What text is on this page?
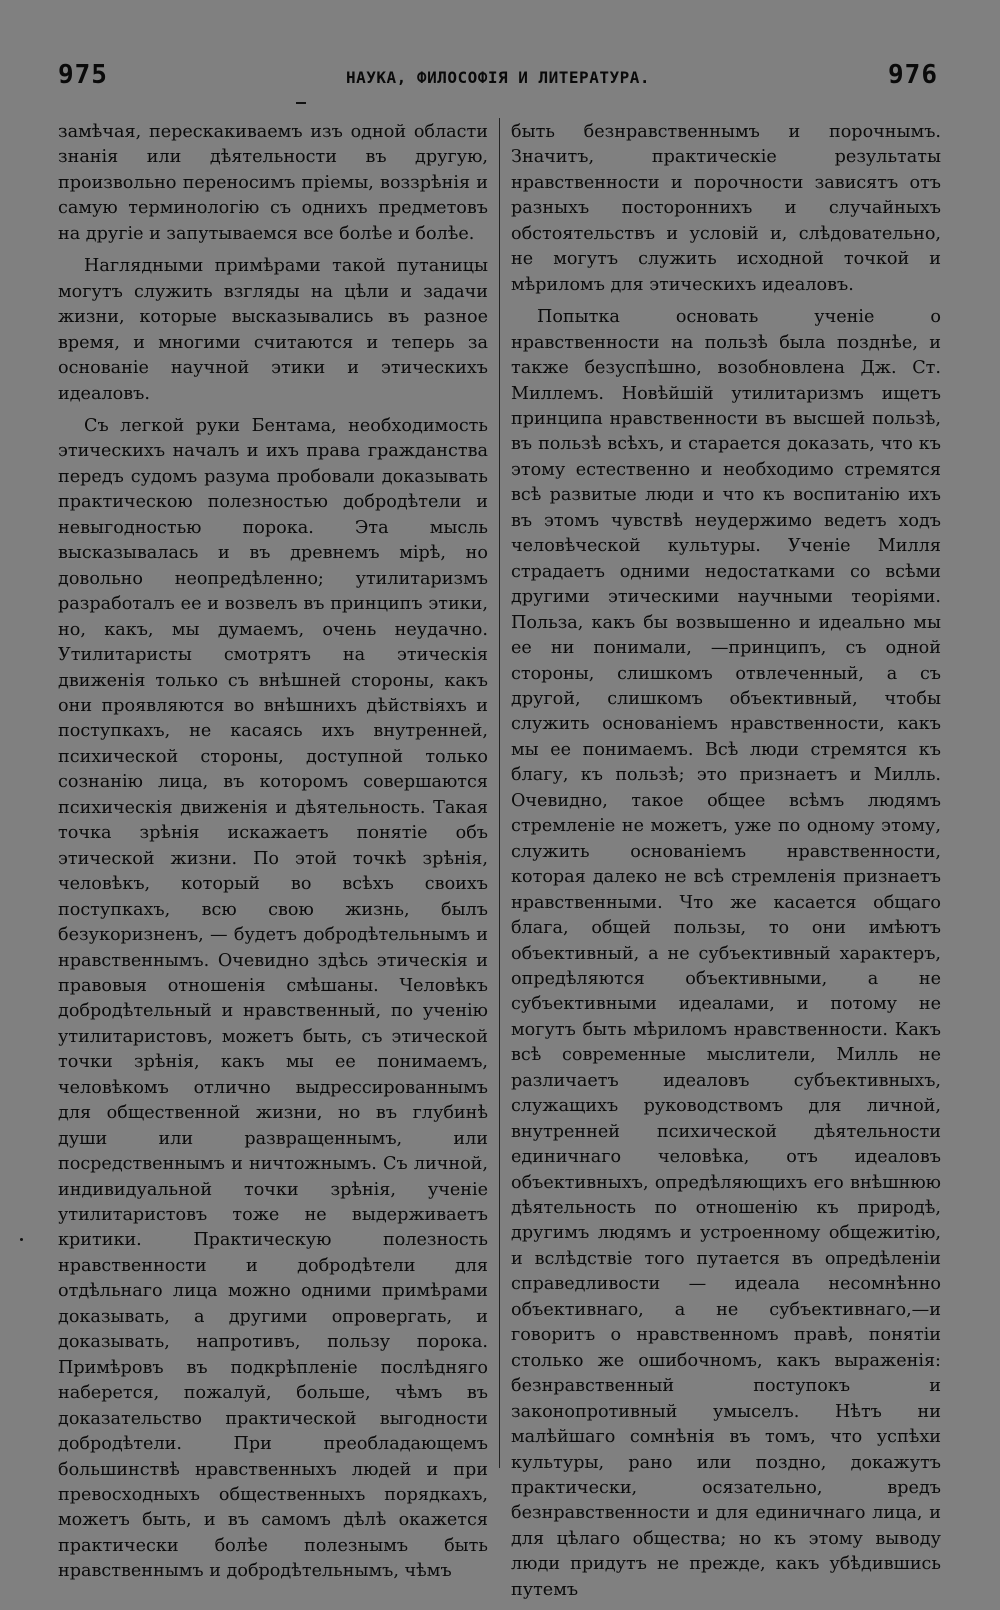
975	НАУКА, ФИЛОСОФІЯ И ЛИТЕРАТУРА.	976

замѣчая, перескакиваемъ изъ одной области знанія или дѣятельности въ другую, произвольно переносимъ пріемы, воззрѣнія и самую терминологію съ однихъ предметовъ на другіе и запутываемся все болѣе и болѣе.

Наглядными примѣрами такой путаницы могутъ служить взгляды на цѣли и задачи жизни, которые высказывались въ разное время, и многими считаются и теперь за основаніе научной этики и этическихъ идеаловъ.

Съ легкой руки Бентама, необходимость этическихъ началъ и ихъ права гражданства передъ судомъ разума пробовали доказывать практическою полезностью добродѣтели и невыгодностью порока. Эта мысль высказывалась и въ древнемъ мірѣ, но довольно неопредѣленно; утилитаризмъ разработалъ ее и возвелъ въ принципъ этики, но, какъ, мы думаемъ, очень неудачно. Утилитаристы смотрятъ на этическія движенія только съ внѣшней стороны, какъ они проявляются во внѣшнихъ дѣйствіяхъ и поступкахъ, не касаясь ихъ внутренней, психической стороны, доступной только сознанію лица, въ которомъ совершаются психическія движенія и дѣятельность. Такая точка зрѣнія искажаетъ понятіе объ этической жизни. По этой точкѣ зрѣнія, человѣкъ, который во всѣхъ своихъ поступкахъ, всю свою жизнь, былъ безукоризненъ, — будетъ добродѣтельнымъ и нравственнымъ. Очевидно здѣсь этическія и правовыя отношенія смѣшаны. Человѣкъ добродѣтельный и нравственный, по ученію утилитаристовъ, можетъ быть, съ этической точки зрѣнія, какъ мы ее понимаемъ, человѣкомъ отлично выдрессированнымъ для общественной жизни, но въ глубинѣ души или развращеннымъ, или посредственнымъ и ничтожнымъ. Съ личной, индивидуальной точки зрѣнія, ученіе утилитаристовъ тоже не выдерживаетъ критики. Практическую полезность нравственности и добродѣтели для отдѣльнаго лица можно одними примѣрами доказывать, а другими опровергать, и доказывать, напротивъ, пользу порока. Примѣровъ въ подкрѣпленіе послѣдняго наберется, пожалуй, больше, чѣмъ въ доказательство практической выгодности добродѣтели. При преобладающемъ большинствѣ нравственныхъ людей и при превосходныхъ общественныхъ порядкахъ, можетъ быть, и въ самомъ дѣлѣ окажется практически болѣе полезнымъ быть нравственнымъ и добродѣтельнымъ, чѣмъ

быть безнравственнымъ и порочнымъ. Значитъ, практическіе результаты нравственности и порочности зависятъ отъ разныхъ постороннихъ и случайныхъ обстоятельствъ и условій и, слѣдовательно, не могутъ служить исходной точкой и мѣриломъ для этическихъ идеаловъ.

Попытка основать ученіе о нравственности на пользѣ была позднѣе, и также безуспѣшно, возобновлена Дж. Ст. Миллемъ. Новѣйшій утилитаризмъ ищетъ принципа нравственности въ высшей пользѣ, въ пользѣ всѣхъ, и старается доказать, что къ этому естественно и необходимо стремятся всѣ развитые люди и что къ воспитанію ихъ въ этомъ чувствѣ неудержимо ведетъ ходъ человѣческой культуры. Ученіе Милля страдаетъ одними недостатками со всѣми другими этическими научными теоріями. Польза, какъ бы возвышенно и идеально мы ее ни понимали, —принципъ, съ одной стороны, слишкомъ отвлеченный, а съ другой, слишкомъ объективный, чтобы служить основаніемъ нравственности, какъ мы ее понимаемъ. Всѣ люди стремятся къ благу, къ пользѣ; это признаетъ и Милль. Очевидно, такое общее всѣмъ людямъ стремленіе не можетъ, уже по одному этому, служить основаніемъ нравственности, которая далеко не всѣ стремленія признаетъ нравственными. Что же касается общаго блага, общей пользы, то они имѣютъ объективный, а не субъективный характеръ, опредѣляются объективными, а не субъективными идеалами, и потому не могутъ быть мѣриломъ нравственности. Какъ всѣ современные мыслители, Милль не различаетъ идеаловъ субъективныхъ, служащихъ руководствомъ для личной, внутренней психической дѣятельности единичнаго человѣка, отъ идеаловъ объективныхъ, опредѣляющихъ его внѣшнюю дѣятельность по отношенію къ природѣ, другимъ людямъ и устроенному общежитію, и вслѣдствіе того путается въ опредѣленіи справедливости — идеала несомнѣнно объективнаго, а не субъективнаго,—и говоритъ о нравственномъ правѣ, понятіи столько же ошибочномъ, какъ выраженія: безнравственный поступокъ и законопротивный умыселъ. Нѣтъ ни малѣйшаго сомнѣнія въ томъ, что успѣхи культуры, рано или поздно, докажутъ практически, осязательно, вредъ безнравственности и для единичнаго лица, и для цѣлаго общества; но къ этому выводу люди придутъ не прежде, какъ убѣдившись путемъ
